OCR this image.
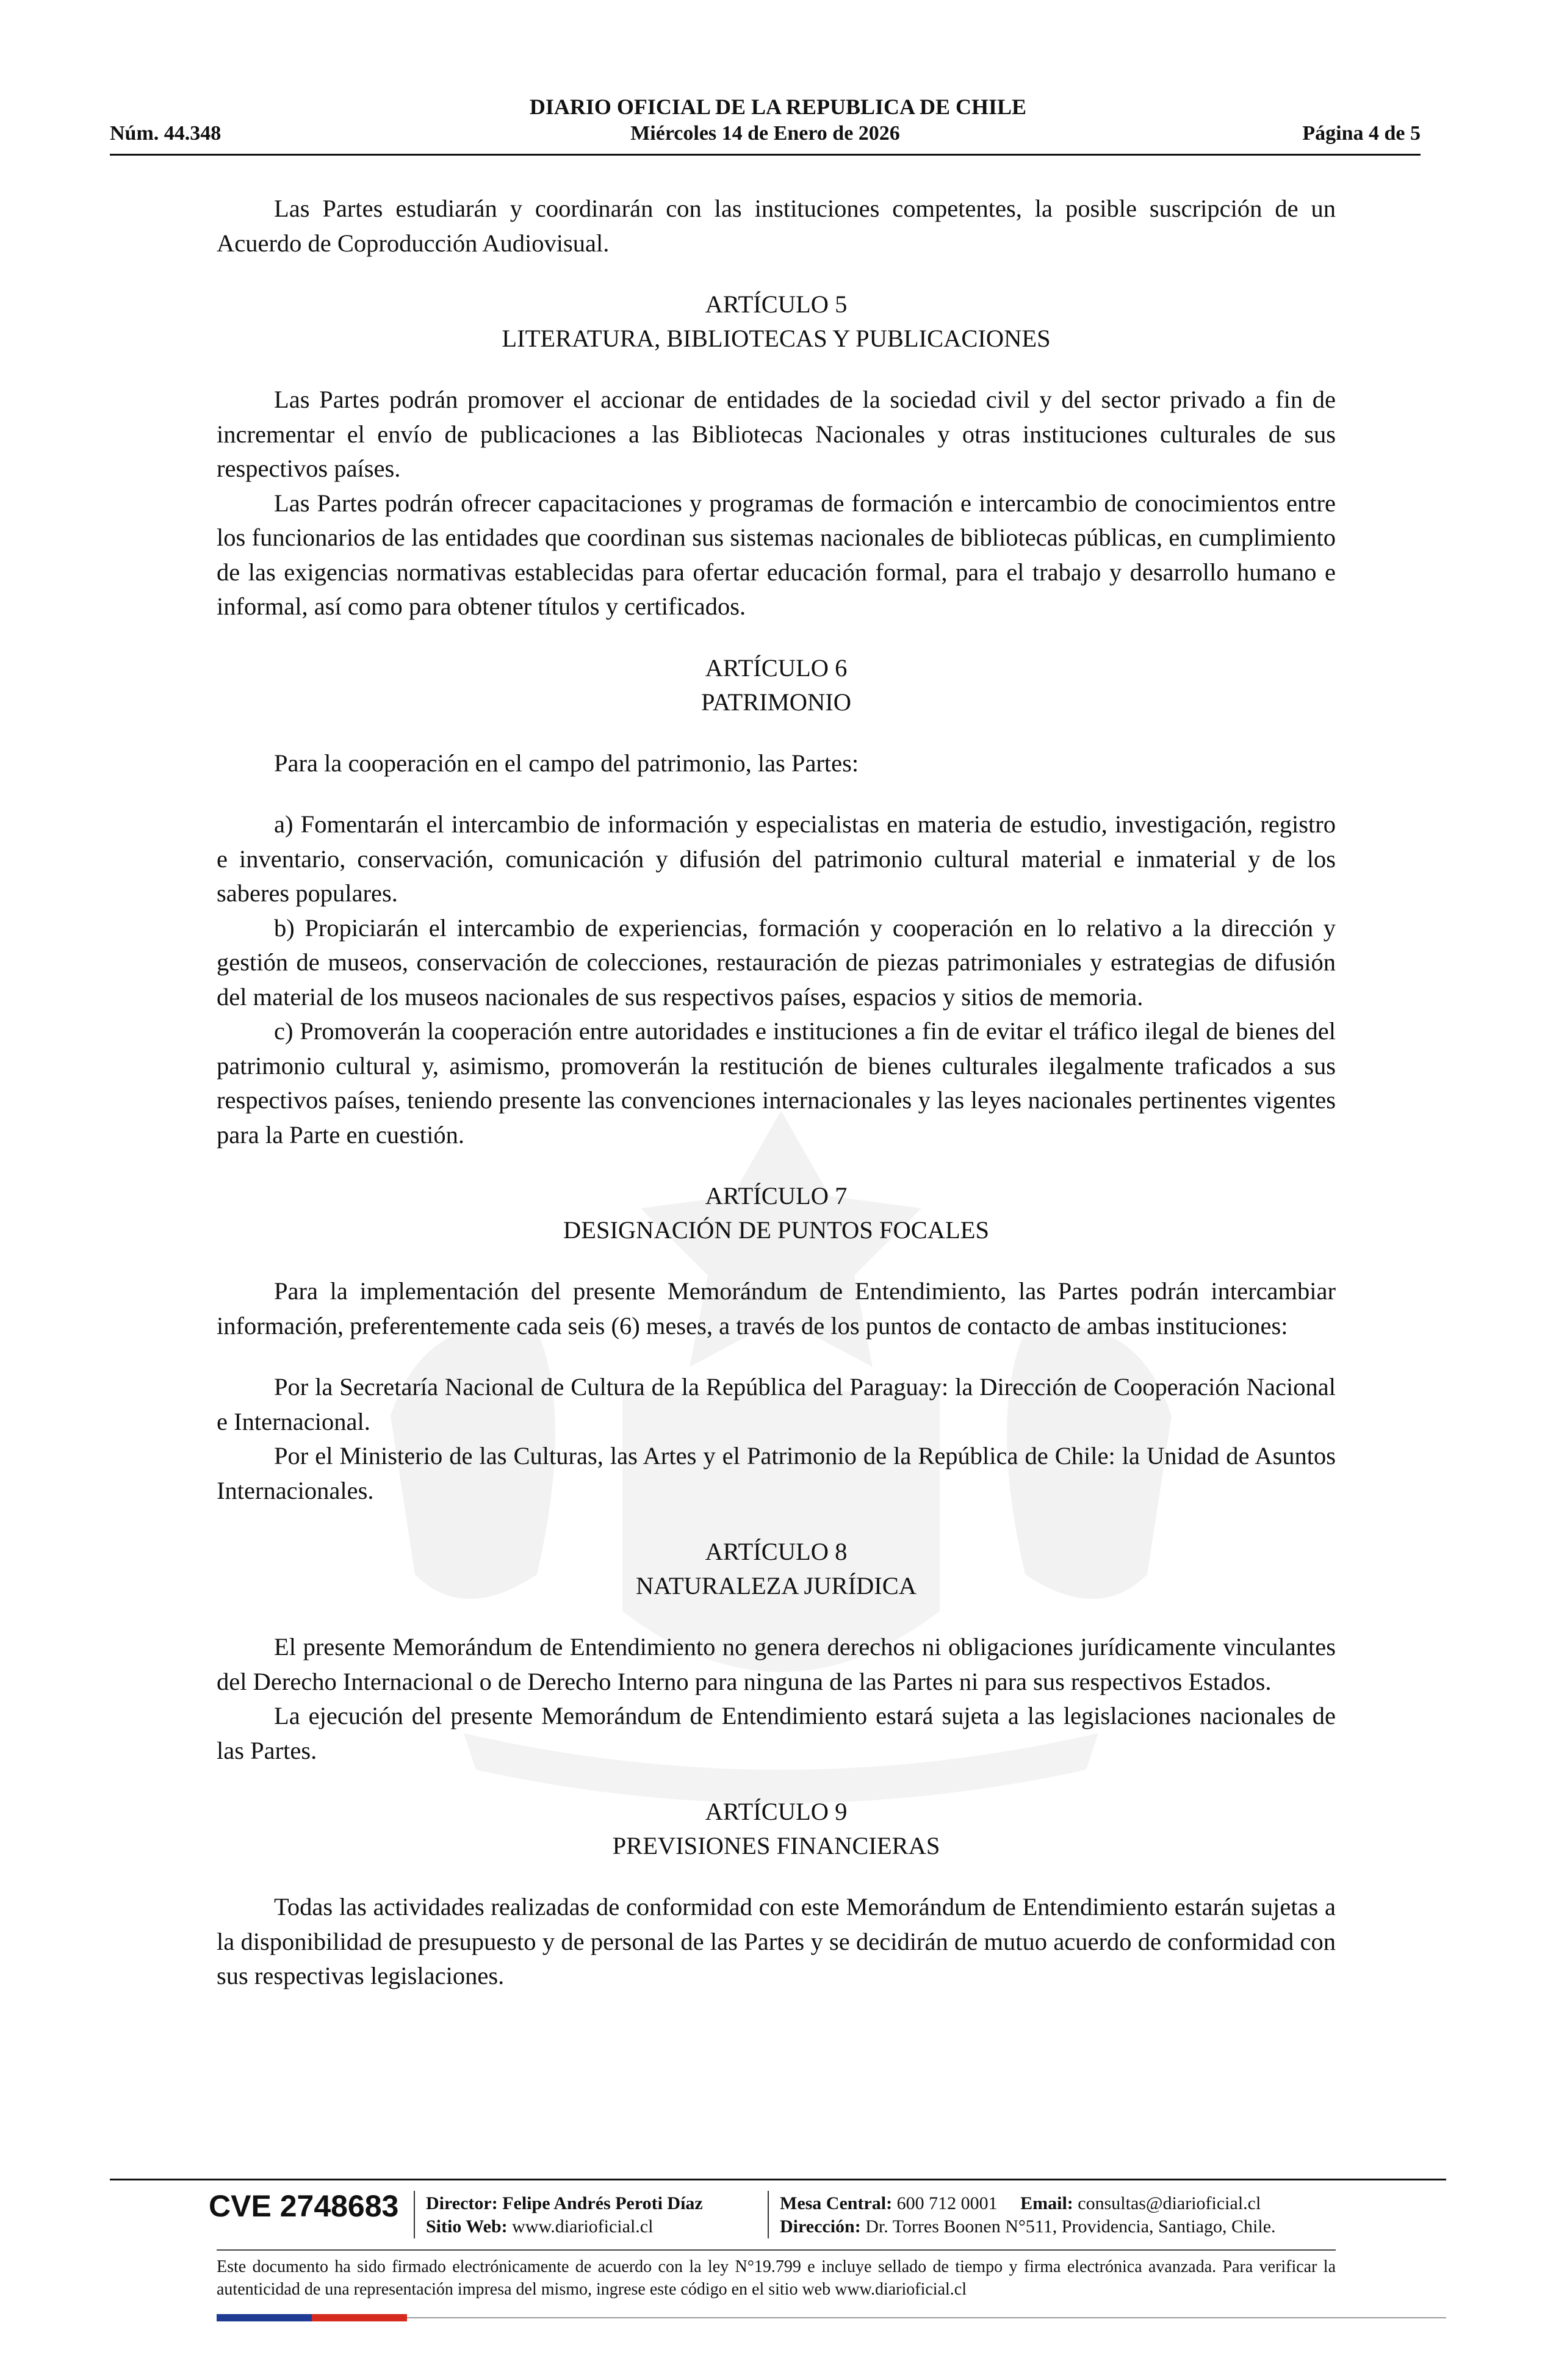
DIARIO OFICIAL DE LA REPUBLICA DE CHILE
Núm. 44.348	Miércoles 14 de Enero de 2026	Página 4 de 5

Las Partes estudiarán y coordinarán con las instituciones competentes, la posible suscripción de un Acuerdo de Coproducción Audiovisual.

ARTÍCULO 5
LITERATURA, BIBLIOTECAS Y PUBLICACIONES

Las Partes podrán promover el accionar de entidades de la sociedad civil y del sector privado a fin de incrementar el envío de publicaciones a las Bibliotecas Nacionales y otras instituciones culturales de sus respectivos países.

Las Partes podrán ofrecer capacitaciones y programas de formación e intercambio de conocimientos entre los funcionarios de las entidades que coordinan sus sistemas nacionales de bibliotecas públicas, en cumplimiento de las exigencias normativas establecidas para ofertar educación formal, para el trabajo y desarrollo humano e informal, así como para obtener títulos y certificados.

ARTÍCULO 6
PATRIMONIO

Para la cooperación en el campo del patrimonio, las Partes:

a) Fomentarán el intercambio de información y especialistas en materia de estudio, investigación, registro e inventario, conservación, comunicación y difusión del patrimonio cultural material e inmaterial y de los saberes populares.

b) Propiciarán el intercambio de experiencias, formación y cooperación en lo relativo a la dirección y gestión de museos, conservación de colecciones, restauración de piezas patrimoniales y estrategias de difusión del material de los museos nacionales de sus respectivos países, espacios y sitios de memoria.

c) Promoverán la cooperación entre autoridades e instituciones a fin de evitar el tráfico ilegal de bienes del patrimonio cultural y, asimismo, promoverán la restitución de bienes culturales ilegalmente traficados a sus respectivos países, teniendo presente las convenciones internacionales y las leyes nacionales pertinentes vigentes para la Parte en cuestión.

ARTÍCULO 7
DESIGNACIÓN DE PUNTOS FOCALES

Para la implementación del presente Memorándum de Entendimiento, las Partes podrán intercambiar información, preferentemente cada seis (6) meses, a través de los puntos de contacto de ambas instituciones:

Por la Secretaría Nacional de Cultura de la República del Paraguay: la Dirección de Cooperación Nacional e Internacional.

Por el Ministerio de las Culturas, las Artes y el Patrimonio de la República de Chile: la Unidad de Asuntos Internacionales.

ARTÍCULO 8
NATURALEZA JURÍDICA

El presente Memorándum de Entendimiento no genera derechos ni obligaciones jurídicamente vinculantes del Derecho Internacional o de Derecho Interno para ninguna de las Partes ni para sus respectivos Estados.

La ejecución del presente Memorándum de Entendimiento estará sujeta a las legislaciones nacionales de las Partes.

ARTÍCULO 9
PREVISIONES FINANCIERAS

Todas las actividades realizadas de conformidad con este Memorándum de Entendimiento estarán sujetas a la disponibilidad de presupuesto y de personal de las Partes y se decidirán de mutuo acuerdo de conformidad con sus respectivas legislaciones.

CVE 2748683 Director: Felipe Andrés Peroti Díaz
Sitio Web: www.diarioficial.cl
Mesa Central: 600 712 0001 Email: consultas@diarioficial.cl
Dirección: Dr. Torres Boonen N°511, Providencia, Santiago, Chile.
Este documento ha sido firmado electrónicamente de acuerdo con la ley N°19.799 e incluye sellado de tiempo y firma electrónica avanzada. Para verificar la autenticidad de una representación impresa del mismo, ingrese este código en el sitio web www.diarioficial.cl
